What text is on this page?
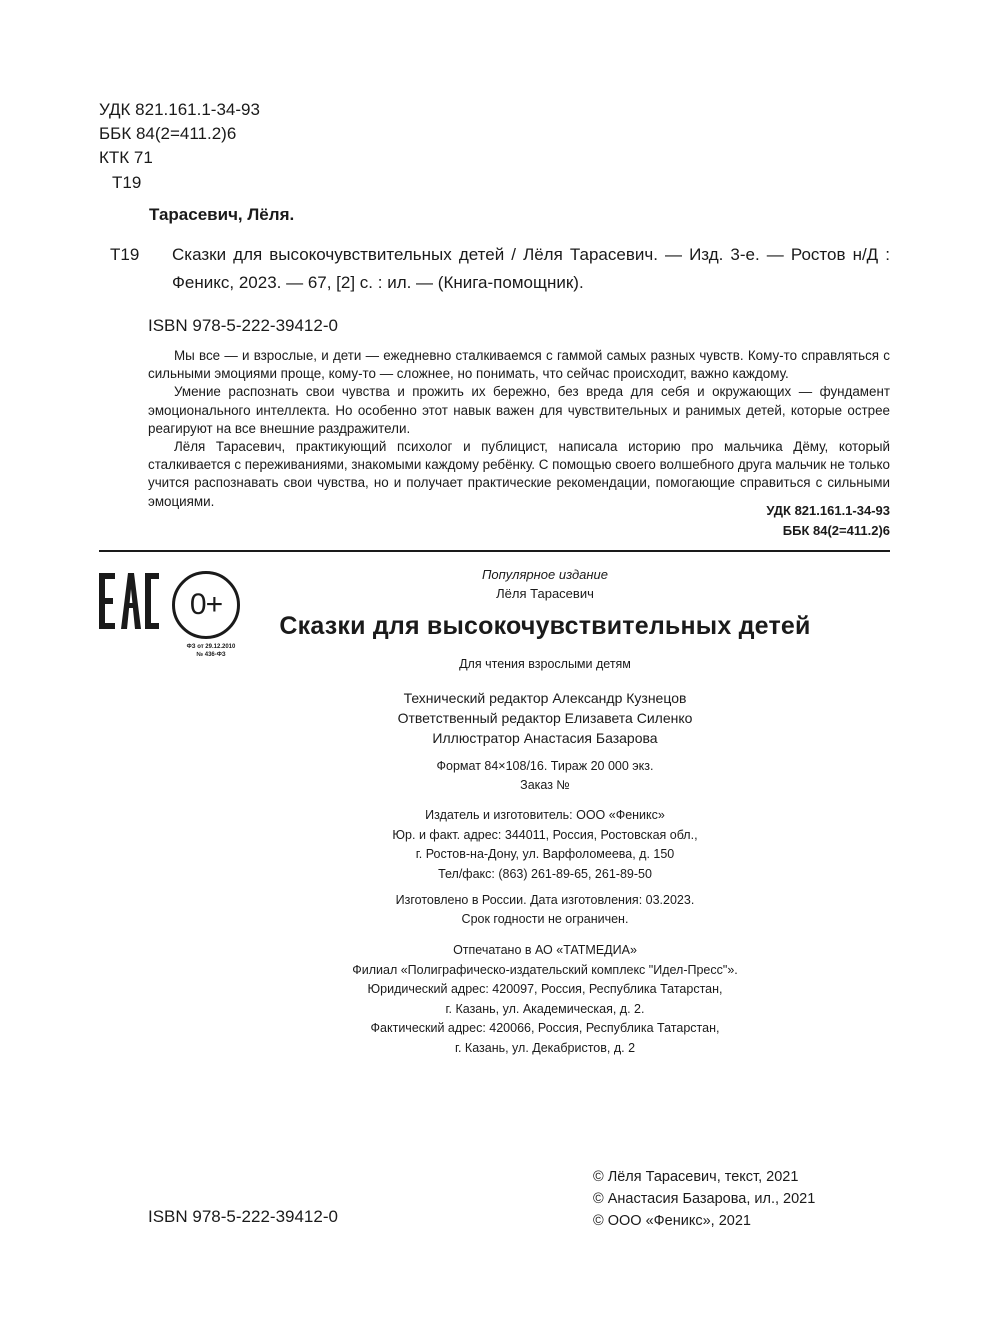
УДК 821.161.1-34-93
ББК 84(2=411.2)6
КТК 71
Т19
Тарасевич, Лёля.
Т19 Сказки для высокочувствительных детей / Лёля Тарасевич. — Изд. 3-е. — Ростов н/Д : Феникс, 2023. — 67, [2] с. : ил. — (Книга-помощник).
ISBN 978-5-222-39412-0

Мы все — и взрослые, и дети — ежедневно сталкиваемся с гаммой самых разных чувств. Кому-то справляться с сильными эмоциями проще, кому-то — сложнее, но понимать, что сейчас происходит, важно каждому.

Умение распознать свои чувства и прожить их бережно, без вреда для себя и окружающих — фундамент эмоционального интеллекта. Но особенно этот навык важен для чувствительных и ранимых детей, которые острее реагируют на все внешние раздражители.

Лёля Тарасевич, практикующий психолог и публицист, написала историю про мальчика Дёму, который сталкивается с переживаниями, знакомыми каждому ребёнку. С помощью своего волшебного друга мальчик не только учится распознавать свои чувства, но и получает практические рекомендации, помогающие справиться с сильными эмоциями.

УДК 821.161.1-34-93
ББК 84(2=411.2)6
0+
ФЗ от 29.12.2010
№ 436-ФЗ
Популярное издание
Лёля Тарасевич
Сказки для высокочувствительных детей
Для чтения взрослыми детям
Технический редактор Александр Кузнецов
Ответственный редактор Елизавета Силенко
Иллюстратор Анастасия Базарова
Формат 84×108/16. Тираж 20 000 экз.
Заказ №
Издатель и изготовитель: ООО «Феникс»
Юр. и факт. адрес: 344011, Россия, Ростовская обл.,
г. Ростов-на-Дону, ул. Варфоломеева, д. 150
Тел/факс: (863) 261-89-65, 261-89-50
Изготовлено в России. Дата изготовления: 03.2023.
Срок годности не ограничен.
Отпечатано в АО «ТАТМЕДИА»
Филиал «Полиграфическо-издательский комплекс "Идел-Пресс"».
Юридический адрес: 420097, Россия, Республика Татарстан,
г. Казань, ул. Академическая, д. 2.
Фактический адрес: 420066, Россия, Республика Татарстан,
г. Казань, ул. Декабристов, д. 2
© Лёля Тарасевич, текст, 2021
© Анастасия Базарова, ил., 2021
© ООО «Феникс», 2021
ISBN 978-5-222-39412-0
